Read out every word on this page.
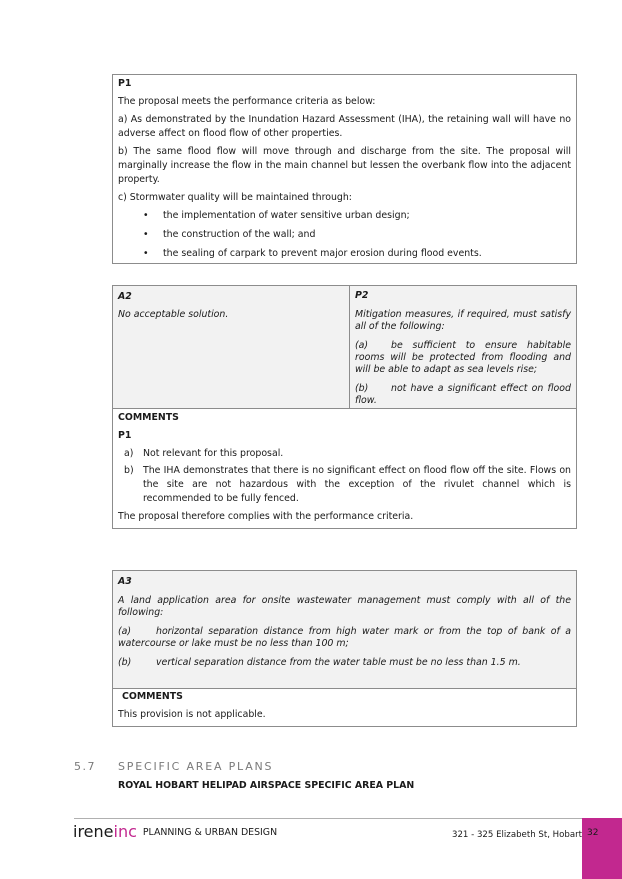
P1

The proposal meets the performance criteria as below:

a) As demonstrated by the Inundation Hazard Assessment (IHA), the retaining wall will have no adverse affect on flood flow of other properties.

b) The same flood flow will move through and discharge from the site. The proposal will marginally increase the flow in the main channel but lessen the overbank flow into the adjacent property.

c) Stormwater quality will be maintained through:

• the implementation of water sensitive urban design;
• the construction of the wall; and
• the sealing of carpark to prevent major erosion during flood events.

A2

No acceptable solution.

P2

Mitigation measures, if required, must satisfy all of the following:

(a) be sufficient to ensure habitable rooms will be protected from flooding and will be able to adapt as sea levels rise;

(b) not have a significant effect on flood flow.

COMMENTS

P1

a) Not relevant for this proposal.
b) The IHA demonstrates that there is no significant effect on flood flow off the site. Flows on the site are not hazardous with the exception of the rivulet channel which is recommended to be fully fenced.

The proposal therefore complies with the performance criteria.

A3

A land application area for onsite wastewater management must comply with all of the following:

(a)	horizontal separation distance from high water mark or from the top of bank of a watercourse or lake must be no less than 100 m;

(b)	vertical separation distance from the water table must be no less than 1.5 m.

COMMENTS

This provision is not applicable.

5.7 SPECIFIC AREA PLANS
ROYAL HOBART HELIPAD AIRSPACE SPECIFIC AREA PLAN
ireneinc PLANNING & URBAN DESIGN	321 - 325 Elizabeth St, Hobart 32
